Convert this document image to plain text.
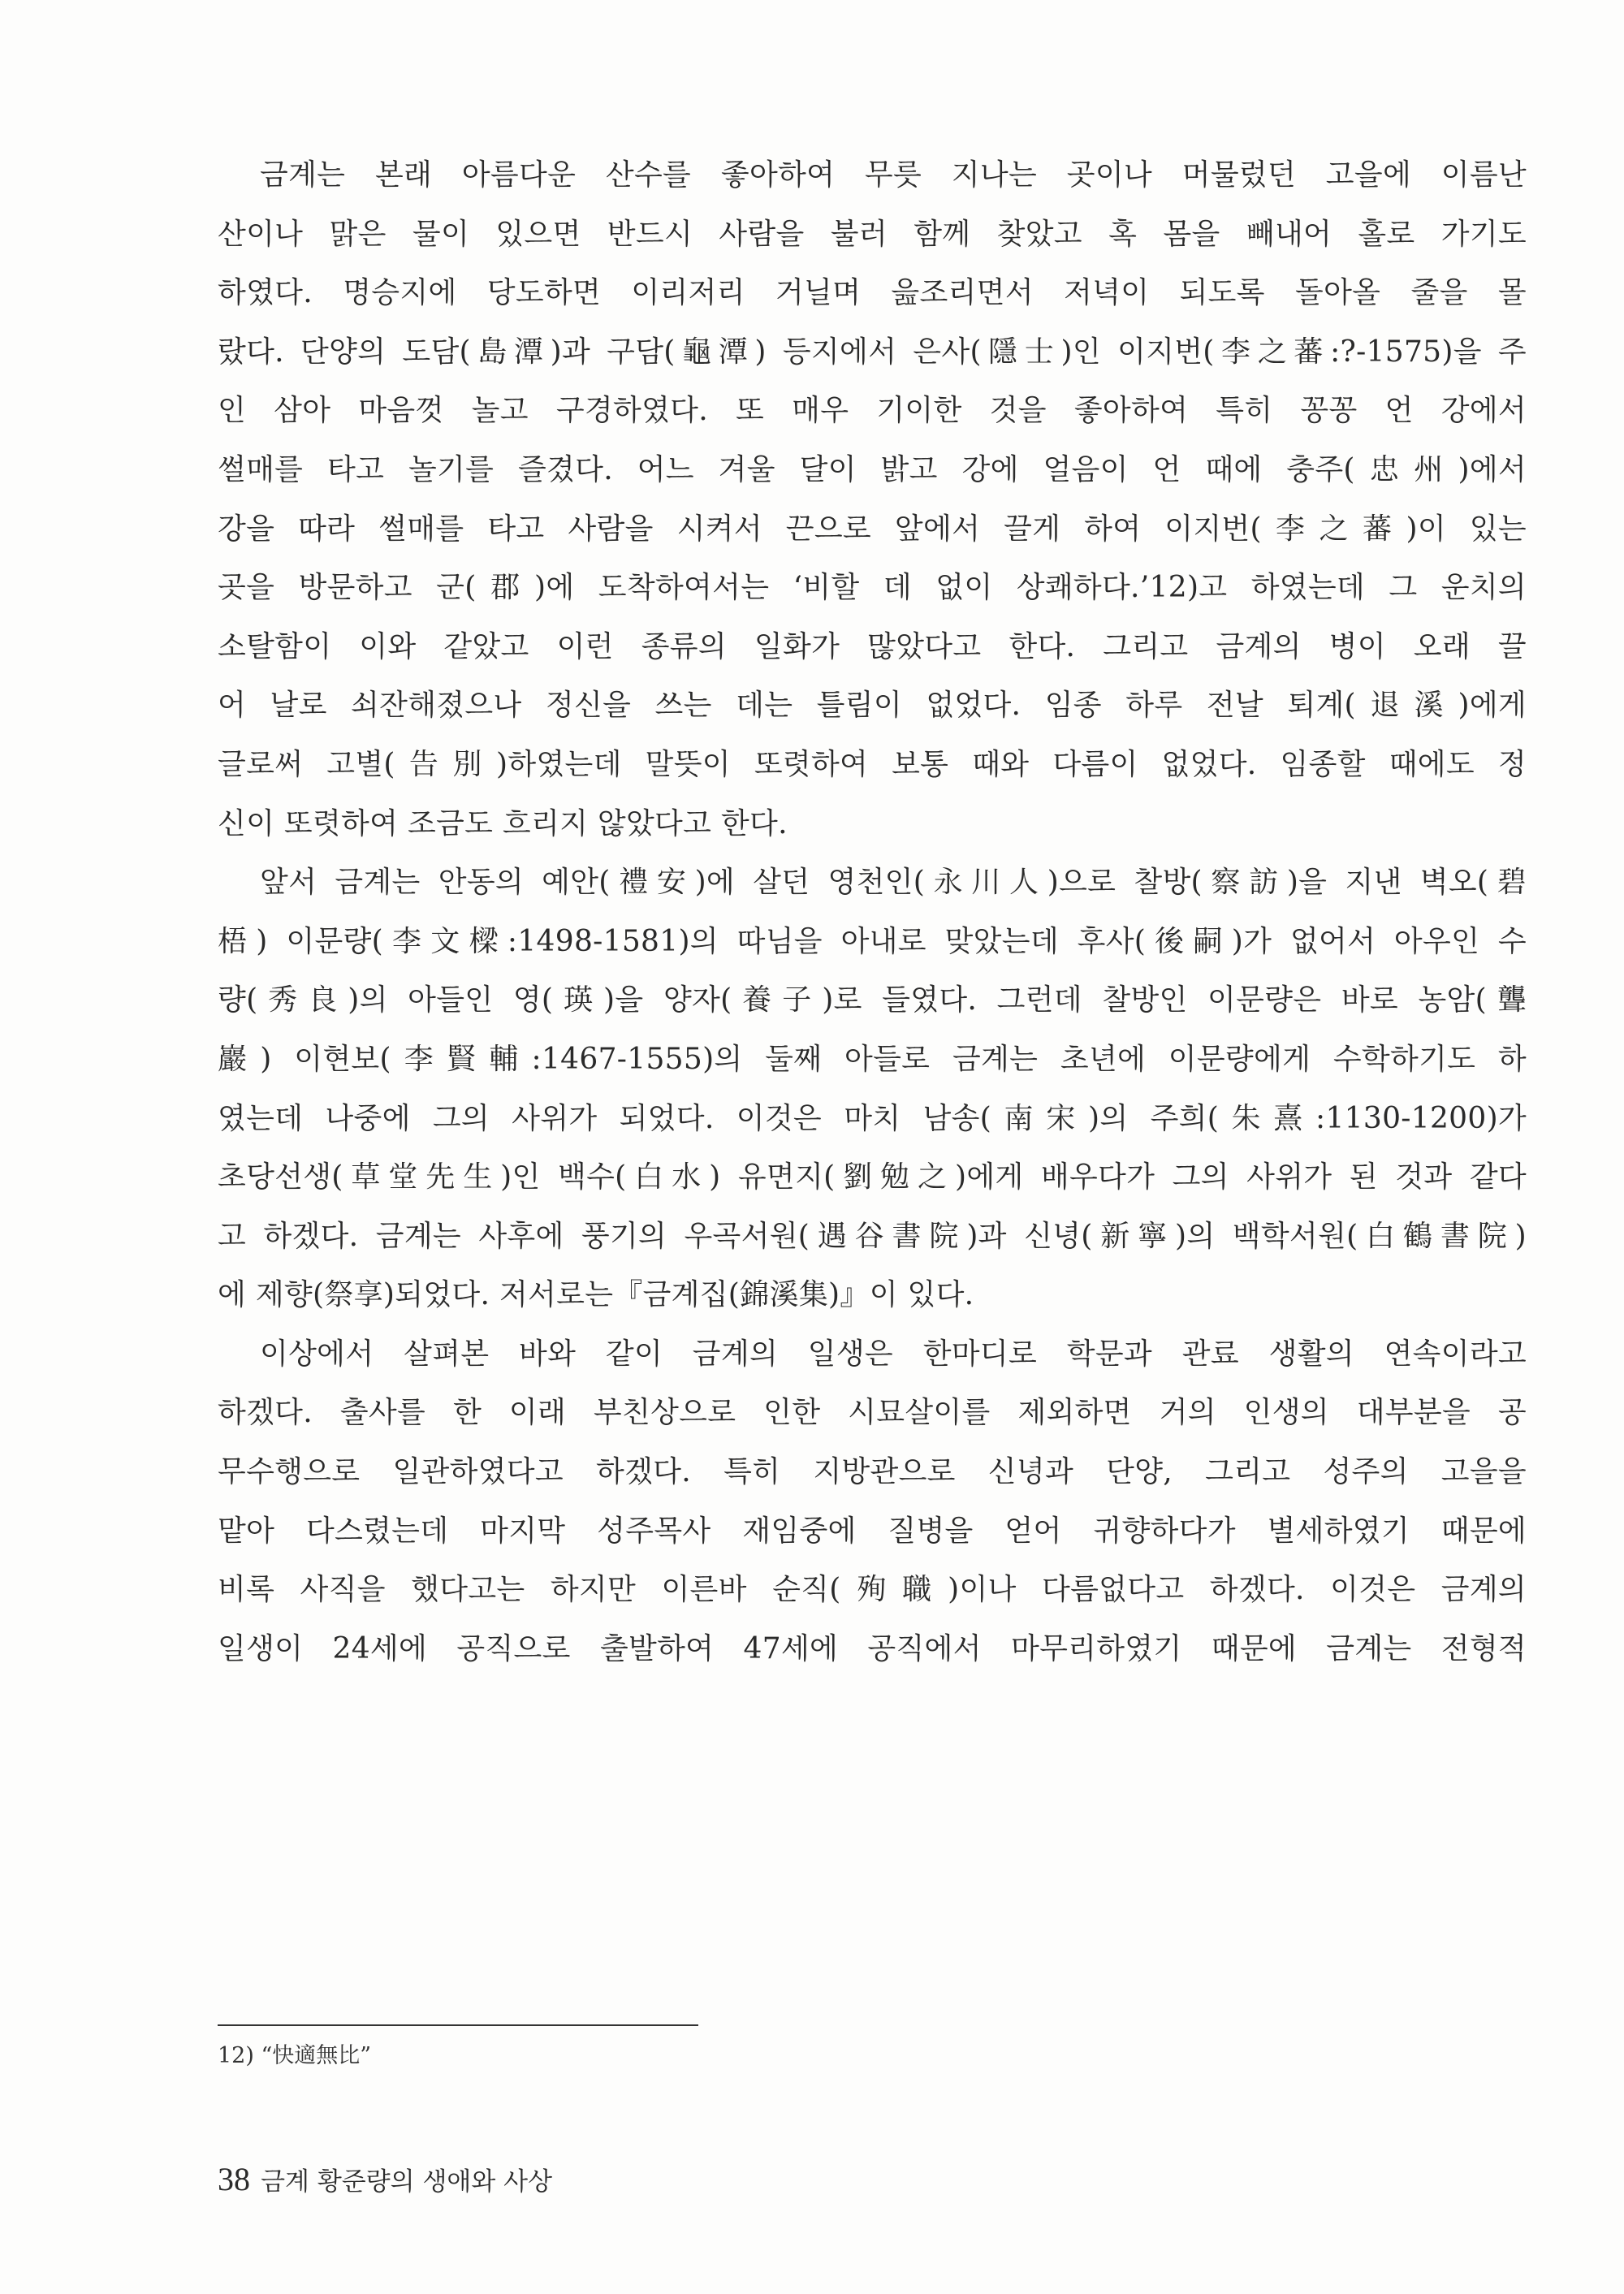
금계는 본래 아름다운 산수를 좋아하여 무릇 지나는 곳이나 머물렀던 고을에 이름난
산이나 맑은 물이 있으면 반드시 사람을 불러 함께 찾았고 혹 몸을 빼내어 홀로 가기도
하였다. 명승지에 당도하면 이리저리 거닐며 읊조리면서 저녁이 되도록 돌아올 줄을 몰
랐다. 단양의 도담(島潭)과 구담(龜潭) 등지에서 은사(隱士)인 이지번(李之蕃:?-1575)을 주
인 삼아 마음껏 놀고 구경하였다. 또 매우 기이한 것을 좋아하여 특히 꽁꽁 언 강에서
썰매를 타고 놀기를 즐겼다. 어느 겨울 달이 밝고 강에 얼음이 언 때에 충주(忠州)에서
강을 따라 썰매를 타고 사람을 시켜서 끈으로 앞에서 끌게 하여 이지번(李之蕃)이 있는
곳을 방문하고 군(郡)에 도착하여서는 ‘비할 데 없이 상쾌하다.’12)고 하였는데 그 운치의
소탈함이 이와 같았고 이런 종류의 일화가 많았다고 한다. 그리고 금계의 병이 오래 끌
어 날로 쇠잔해졌으나 정신을 쓰는 데는 틀림이 없었다. 임종 하루 전날 퇴계(退溪)에게
글로써 고별(告別)하였는데 말뜻이 또렷하여 보통 때와 다름이 없었다. 임종할 때에도 정
신이 또렷하여 조금도 흐리지 않았다고 한다.
앞서 금계는 안동의 예안(禮安)에 살던 영천인(永川人)으로 찰방(察訪)을 지낸 벽오(碧
梧) 이문량(李文樑:1498-1581)의 따님을 아내로 맞았는데 후사(後嗣)가 없어서 아우인 수
량(秀良)의 아들인 영(瑛)을 양자(養子)로 들였다. 그런데 찰방인 이문량은 바로 농암(聾
巖) 이현보(李賢輔:1467-1555)의 둘째 아들로 금계는 초년에 이문량에게 수학하기도 하
였는데 나중에 그의 사위가 되었다. 이것은 마치 남송(南宋)의 주희(朱熹:1130-1200)가
초당선생(草堂先生)인 백수(白水) 유면지(劉勉之)에게 배우다가 그의 사위가 된 것과 같다
고 하겠다. 금계는 사후에 풍기의 우곡서원(遇谷書院)과 신녕(新寧)의 백학서원(白鶴書院)
에 제향(祭享)되었다. 저서로는『금계집(錦溪集)』이 있다.
이상에서 살펴본 바와 같이 금계의 일생은 한마디로 학문과 관료 생활의 연속이라고
하겠다. 출사를 한 이래 부친상으로 인한 시묘살이를 제외하면 거의 인생의 대부분을 공
무수행으로 일관하였다고 하겠다. 특히 지방관으로 신녕과 단양, 그리고 성주의 고을을
맡아 다스렸는데 마지막 성주목사 재임중에 질병을 얻어 귀향하다가 별세하였기 때문에
비록 사직을 했다고는 하지만 이른바 순직(殉職)이나 다름없다고 하겠다. 이것은 금계의
일생이 24세에 공직으로 출발하여 47세에 공직에서 마무리하였기 때문에 금계는 전형적
12) “快適無比”
38 금계 황준량의 생애와 사상
